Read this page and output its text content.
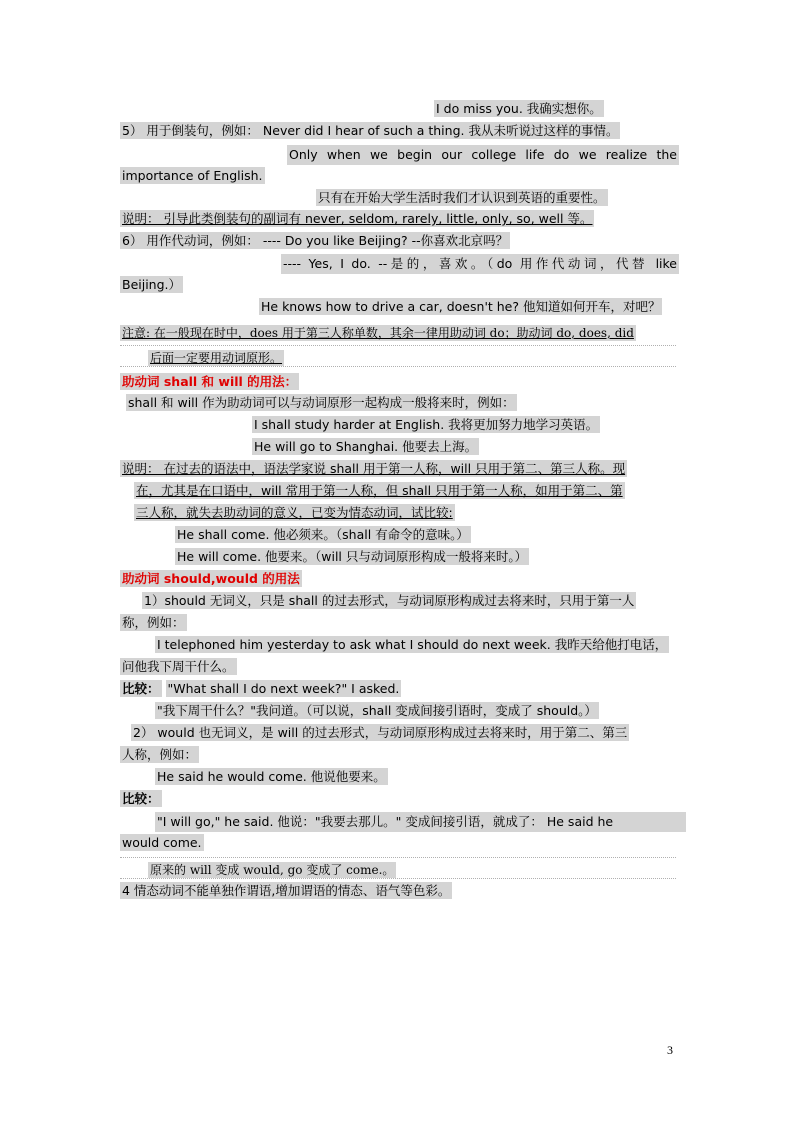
I do miss you. 我确实想你。
5） 用于倒装句，例如： Never did I hear of such a thing. 我从未听说过这样的事情。
Only when we begin our college life do we realize the
importance of English.
只有在开始大学生活时我们才认识到英语的重要性。
说明： 引导此类倒装句的副词有 never, seldom, rarely, little, only, so, well 等。
6） 用作代动词，例如： ---- Do you like Beijing? --你喜欢北京吗？
---- Yes, I do. --是的，喜欢。（do 用作代动词，代替 like
Beijing.）
He knows how to drive a car, doesn't he? 他知道如何开车，对吧？
注意: 在一般现在时中，does 用于第三人称单数，其余一律用助动词 do；助动词 do, does, did
后面一定要用动词原形。
助动词 shall 和 will 的用法：
shall 和 will 作为助动词可以与动词原形一起构成一般将来时，例如：
I shall study harder at English. 我将更加努力地学习英语。
He will go to Shanghai. 他要去上海。
说明： 在过去的语法中，语法学家说 shall 用于第一人称，will 只用于第二、第三人称。现
在，尤其是在口语中，will 常用于第一人称，但 shall 只用于第一人称，如用于第二、第
三人称，就失去助动词的意义，已变为情态动词，试比较:
He shall come. 他必须来。（shall 有命令的意味。）
He will come. 他要来。（will 只与动词原形构成一般将来时。）
助动词 should,would 的用法
1）should 无词义，只是 shall 的过去形式，与动词原形构成过去将来时，只用于第一人
称，例如：
I telephoned him yesterday to ask what I should do next week. 我昨天给他打电话，
问他我下周干什么。
比较： "What shall I do next week?" I asked.
"我下周干什么？"我问道。（可以说，shall 变成间接引语时，变成了 should。）
2） would 也无词义，是 will 的过去形式，与动词原形构成过去将来时，用于第二、第三
人称，例如：
He said he would come. 他说他要来。
比较：
"I will go," he said. 他说："我要去那儿。" 变成间接引语，就成了： He said he
would come.
原来的 will 变成 would, go 变成了 come.。
4 情态动词不能单独作谓语,增加谓语的情态、语气等色彩。
3
